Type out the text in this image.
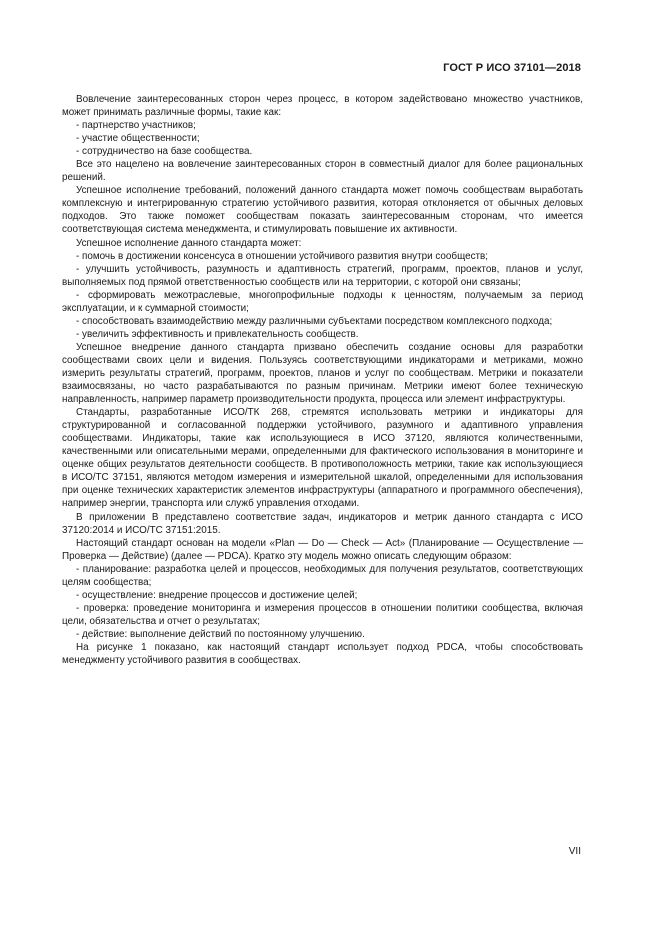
ГОСТ Р ИСО 37101—2018

Вовлечение заинтересованных сторон через процесс, в котором задействовано множество участников, может принимать различные формы, такие как:

- партнерство участников;

- участие общественности;

- сотрудничество на базе сообщества.

Все это нацелено на вовлечение заинтересованных сторон в совместный диалог для более рациональных решений.

Успешное исполнение требований, положений данного стандарта может помочь сообществам выработать комплексную и интегрированную стратегию устойчивого развития, которая отклоняется от обычных деловых подходов. Это также поможет сообществам показать заинтересованным сторонам, что имеется соответствующая система менеджмента, и стимулировать повышение их активности.

Успешное исполнение данного стандарта может:

- помочь в достижении консенсуса в отношении устойчивого развития внутри сообществ;

- улучшить устойчивость, разумность и адаптивность стратегий, программ, проектов, планов и услуг, выполняемых под прямой ответственностью сообществ или на территории, с которой они связаны;

- сформировать межотраслевые, многопрофильные подходы к ценностям, получаемым за период эксплуатации, и к суммарной стоимости;

- способствовать взаимодействию между различными субъектами посредством комплексного подхода;

- увеличить эффективность и привлекательность сообществ.

Успешное внедрение данного стандарта призвано обеспечить создание основы для разработки сообществами своих цели и видения. Пользуясь соответствующими индикаторами и метриками, можно измерить результаты стратегий, программ, проектов, планов и услуг по сообществам. Метрики и показатели взаимосвязаны, но часто разрабатываются по разным причинам. Метрики имеют более техническую направленность, например параметр производительности продукта, процесса или элемент инфраструктуры.

Стандарты, разработанные ИСО/ТК 268, стремятся использовать метрики и индикаторы для структурированной и согласованной поддержки устойчивого, разумного и адаптивного управления сообществами. Индикаторы, такие как использующиеся в ИСО 37120, являются количественными, качественными или описательными мерами, определенными для фактического использования в мониторинге и оценке общих результатов деятельности сообществ. В противоположность метрики, такие как использующиеся в ИСО/ТС 37151, являются методом измерения и измерительной шкалой, определенными для использования при оценке технических характеристик элементов инфраструктуры (аппаратного и программного обеспечения), например энергии, транспорта или служб управления отходами.

В приложении В представлено соответствие задач, индикаторов и метрик данного стандарта с ИСО 37120:2014 и ИСО/ТС 37151:2015.

Настоящий стандарт основан на модели «Plan — Do — Check — Act» (Планирование — Осуществление — Проверка — Действие) (далее — PDCA). Кратко эту модель можно описать следующим образом:

- планирование: разработка целей и процессов, необходимых для получения результатов, соответствующих целям сообщества;

- осуществление: внедрение процессов и достижение целей;

- проверка: проведение мониторинга и измерения процессов в отношении политики сообщества, включая цели, обязательства и отчет о результатах;

- действие: выполнение действий по постоянному улучшению.

На рисунке 1 показано, как настоящий стандарт использует подход PDCA, чтобы способствовать менеджменту устойчивого развития в сообществах.

VII
